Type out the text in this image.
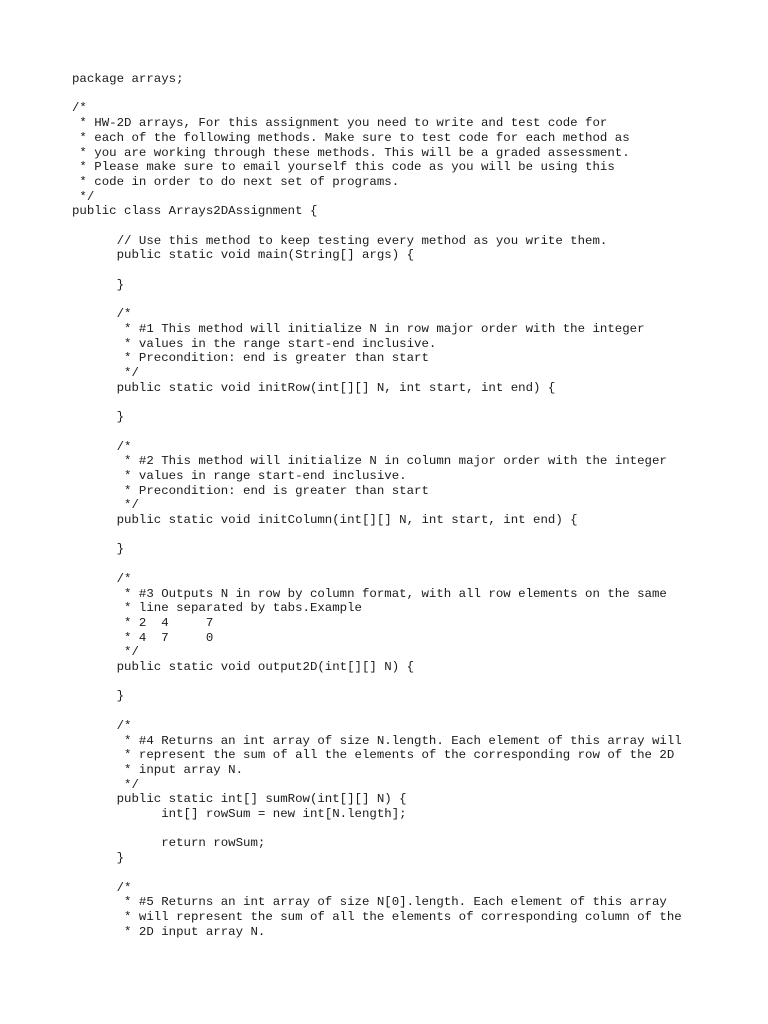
package arrays;
/*
* HW-2D arrays, For this assignment you need to write and test code for
* each of the following methods. Make sure to test code for each method as
* you are working through these methods. This will be a graded assessment.
* Please make sure to email yourself this code as you will be using this
* code in order to do next set of programs.
*/
public class Arrays2DAssignment {
// Use this method to keep testing every method as you write them.
public static void main(String[] args) {
}
/*
* #1 This method will initialize N in row major order with the integer
* values in the range start-end inclusive.
* Precondition: end is greater than start
*/
public static void initRow(int[][] N, int start, int end) {
}
/*
* #2 This method will initialize N in column major order with the integer
* values in range start-end inclusive.
* Precondition: end is greater than start
*/
public static void initColumn(int[][] N, int start, int end) {
}
/*
* #3 Outputs N in row by column format, with all row elements on the same
* line separated by tabs.Example
* 2  4     7
* 4  7     0
*/
public static void output2D(int[][] N) {
}
/*
* #4 Returns an int array of size N.length. Each element of this array will
* represent the sum of all the elements of the corresponding row of the 2D
* input array N.
*/
public static int[] sumRow(int[][] N) {
int[] rowSum = new int[N.length];
return rowSum;
}
/*
* #5 Returns an int array of size N[0].length. Each element of this array
* will represent the sum of all the elements of corresponding column of the
* 2D input array N.
